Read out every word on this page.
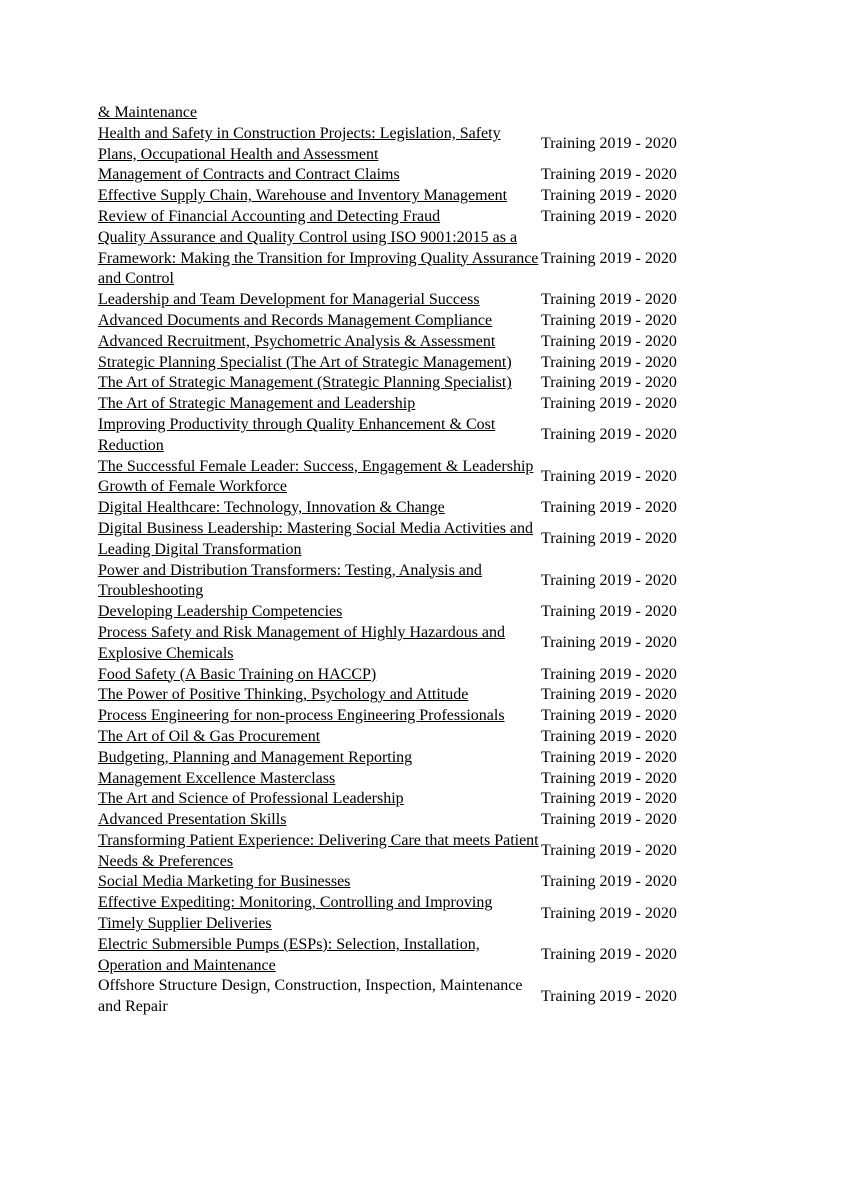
& Maintenance	
Health and Safety in Construction Projects: Legislation, Safety Plans, Occupational Health and Assessment	Training 2019 - 2020
Management of Contracts and Contract Claims	Training 2019 - 2020
Effective Supply Chain, Warehouse and Inventory Management	Training 2019 - 2020
Review of Financial Accounting and Detecting Fraud	Training 2019 - 2020
Quality Assurance and Quality Control using ISO 9001:2015 as a Framework: Making the Transition for Improving Quality Assurance and Control	Training 2019 - 2020
Leadership and Team Development for Managerial Success	Training 2019 - 2020
Advanced Documents and Records Management Compliance	Training 2019 - 2020
Advanced Recruitment, Psychometric Analysis & Assessment	Training 2019 - 2020
Strategic Planning Specialist (The Art of Strategic Management)	Training 2019 - 2020
The Art of Strategic Management (Strategic Planning Specialist)	Training 2019 - 2020
The Art of Strategic Management and Leadership	Training 2019 - 2020
Improving Productivity through Quality Enhancement & Cost Reduction	Training 2019 - 2020
The Successful Female Leader: Success, Engagement & Leadership Growth of Female Workforce	Training 2019 - 2020
Digital Healthcare: Technology, Innovation & Change	Training 2019 - 2020
Digital Business Leadership: Mastering Social Media Activities and Leading Digital Transformation	Training 2019 - 2020
Power and Distribution Transformers: Testing, Analysis and Troubleshooting	Training 2019 - 2020
Developing Leadership Competencies	Training 2019 - 2020
Process Safety and Risk Management of Highly Hazardous and Explosive Chemicals	Training 2019 - 2020
Food Safety (A Basic Training on HACCP)	Training 2019 - 2020
The Power of Positive Thinking, Psychology and Attitude	Training 2019 - 2020
Process Engineering for non-process Engineering Professionals	Training 2019 - 2020
The Art of Oil & Gas Procurement	Training 2019 - 2020
Budgeting, Planning and Management Reporting	Training 2019 - 2020
Management Excellence Masterclass	Training 2019 - 2020
The Art and Science of Professional Leadership	Training 2019 - 2020
Advanced Presentation Skills	Training 2019 - 2020
Transforming Patient Experience: Delivering Care that meets Patient Needs & Preferences	Training 2019 - 2020
Social Media Marketing for Businesses	Training 2019 - 2020
Effective Expediting: Monitoring, Controlling and Improving Timely Supplier Deliveries	Training 2019 - 2020
Electric Submersible Pumps (ESPs): Selection, Installation, Operation and Maintenance	Training 2019 - 2020
Offshore Structure Design, Construction, Inspection, Maintenance and Repair	Training 2019 - 2020
